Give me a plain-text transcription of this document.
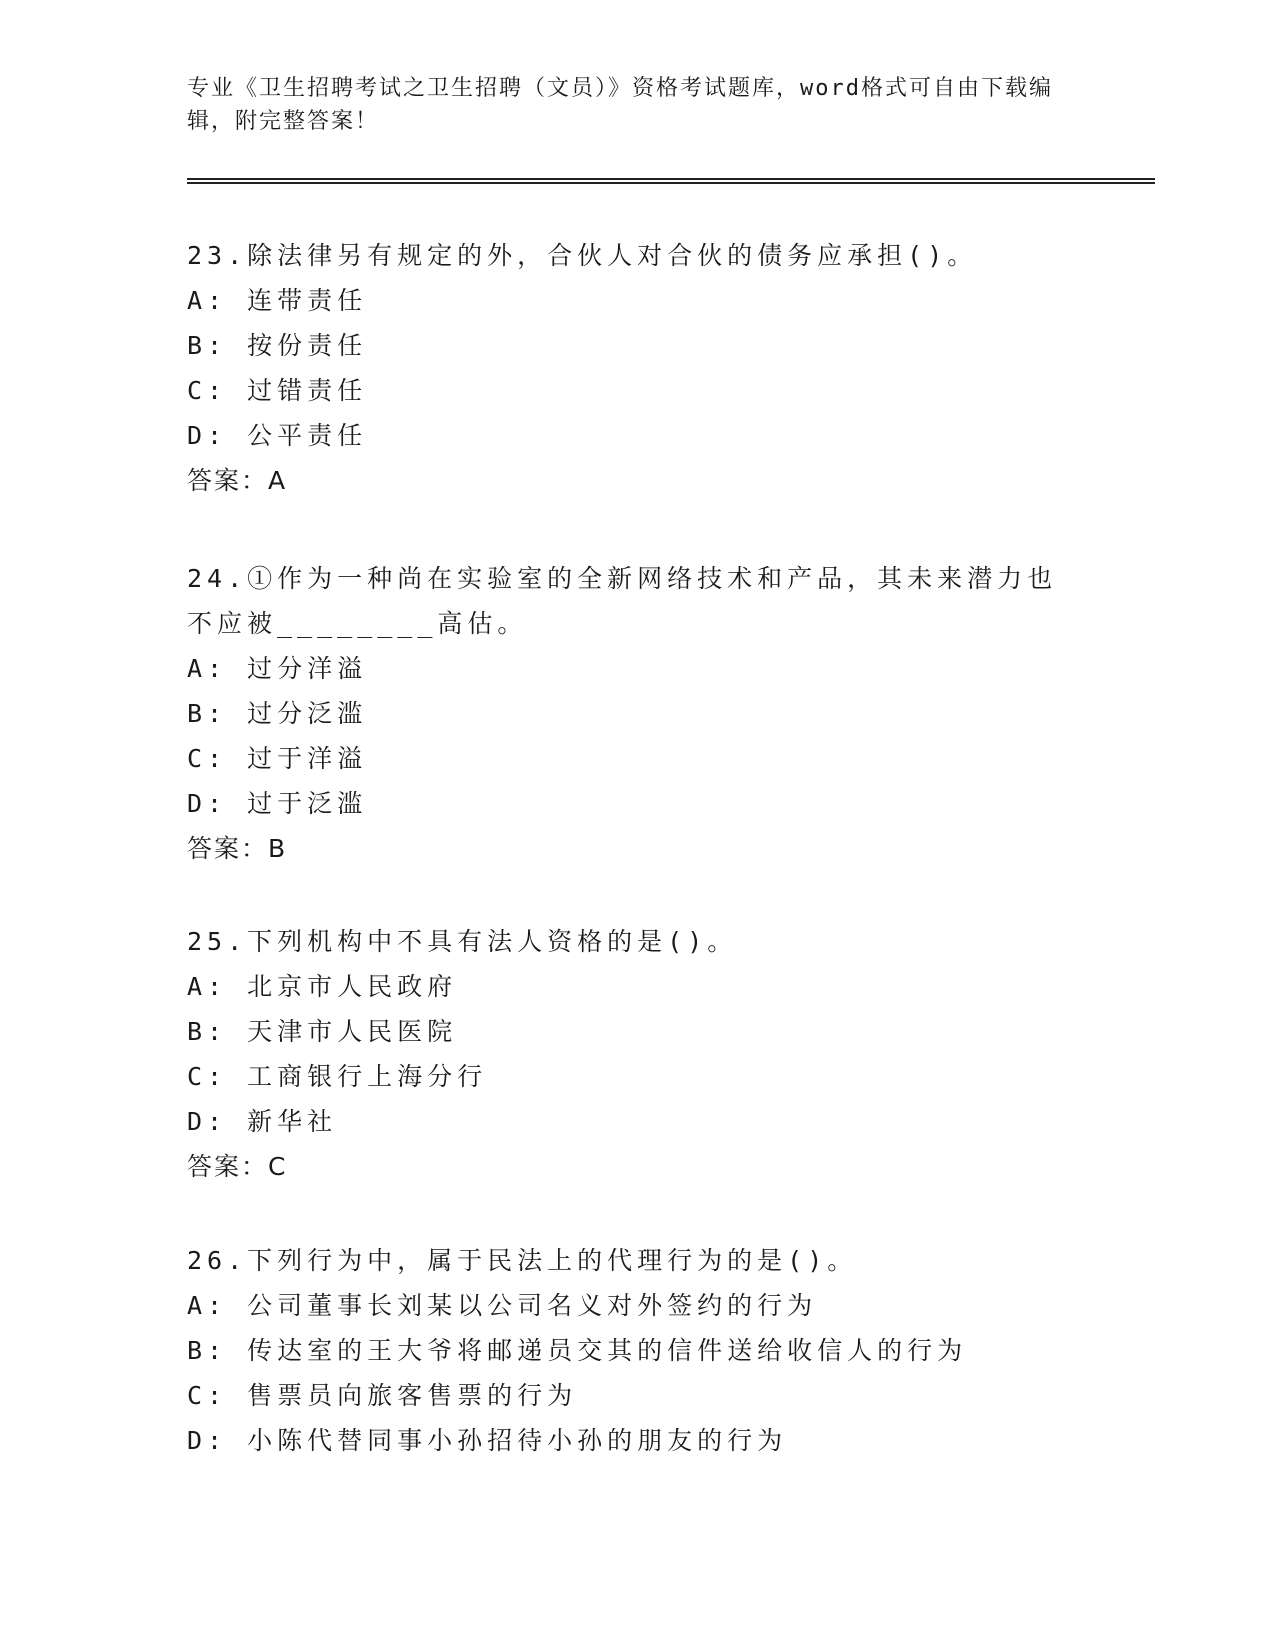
专业《卫生招聘考试之卫生招聘（文员）》资格考试题库，word格式可自由下载编辑，附完整答案！
23.除法律另有规定的外，合伙人对合伙的债务应承担()。
A: 连带责任
B: 按份责任
C: 过错责任
D: 公平责任
答案：A
24.①作为一种尚在实验室的全新网络技术和产品，其未来潜力也不应被________高估。
A: 过分洋溢
B: 过分泛滥
C: 过于洋溢
D: 过于泛滥
答案：B
25.下列机构中不具有法人资格的是()。
A: 北京市人民政府
B: 天津市人民医院
C: 工商银行上海分行
D: 新华社
答案：C
26.下列行为中，属于民法上的代理行为的是()。
A: 公司董事长刘某以公司名义对外签约的行为
B: 传达室的王大爷将邮递员交其的信件送给收信人的行为
C: 售票员向旅客售票的行为
D: 小陈代替同事小孙招待小孙的朋友的行为
